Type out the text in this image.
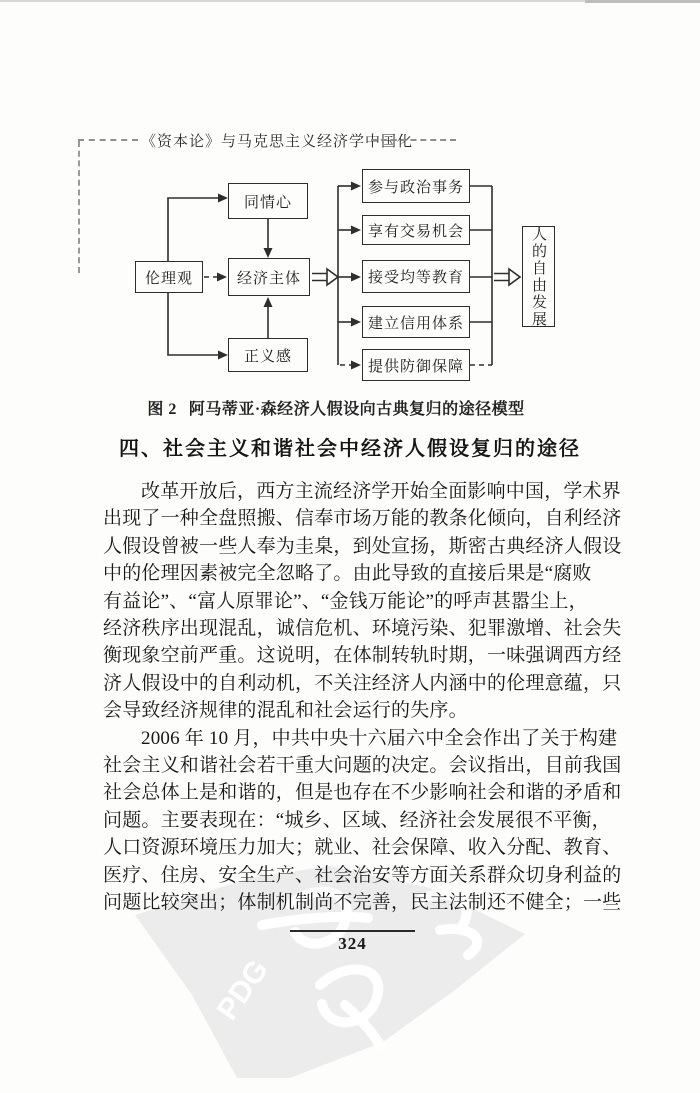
PDG
《资本论》与马克思主义经济学中国化
伦理观
同情心
经济主体
正义感
参与政治事务
享有交易机会
接受均等教育
建立信用体系
提供防御保障
人的自由发展
图 2 阿马蒂亚·森经济人假设向古典复归的途径模型
四、社会主义和谐社会中经济人假设复归的途径
改革开放后，西方主流经济学开始全面影响中国，学术界
出现了一种全盘照搬、信奉市场万能的教条化倾向，自利经济
人假设曾被一些人奉为圭臬，到处宣扬，斯密古典经济人假设
中的伦理因素被完全忽略了。由此导致的直接后果是“腐败
有益论”、“富人原罪论”、“金钱万能论”的呼声甚嚣尘上，
经济秩序出现混乱，诚信危机、环境污染、犯罪激增、社会失
衡现象空前严重。这说明，在体制转轨时期，一味强调西方经
济人假设中的自利动机，不关注经济人内涵中的伦理意蕴，只
会导致经济规律的混乱和社会运行的失序。
2006 年 10 月，中共中央十六届六中全会作出了关于构建
社会主义和谐社会若干重大问题的决定。会议指出，目前我国
社会总体上是和谐的，但是也存在不少影响社会和谐的矛盾和
问题。主要表现在：“城乡、区域、经济社会发展很不平衡，
人口资源环境压力加大；就业、社会保障、收入分配、教育、
医疗、住房、安全生产、社会治安等方面关系群众切身利益的
问题比较突出；体制机制尚不完善，民主法制还不健全；一些
324
